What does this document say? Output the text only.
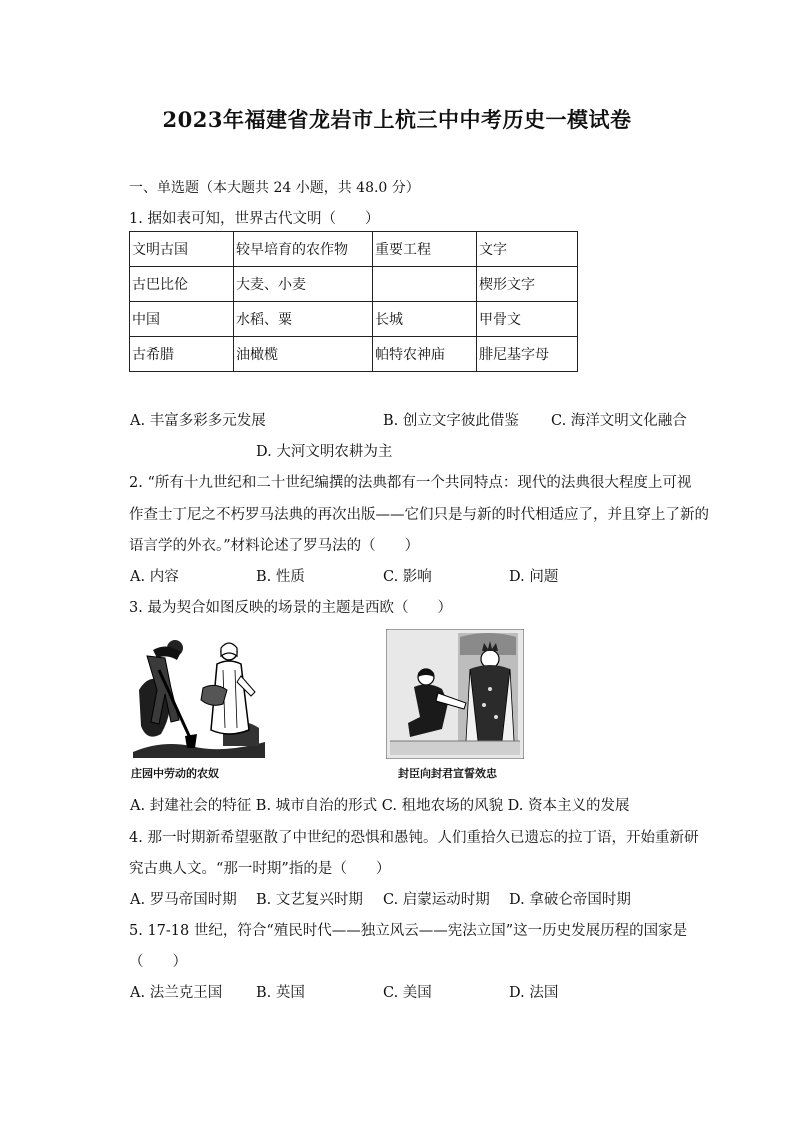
2023年福建省龙岩市上杭三中中考历史一模试卷
一、单选题（本大题共 24 小题，共 48.0 分）
1. 据如表可知，世界古代文明（　　）
文明古国	较早培育的农作物	重要工程	文字
古巴比伦	大麦、小麦		楔形文字
中国	水稻、粟	长城	甲骨文
古希腊	油橄榄	帕特农神庙	腓尼基字母
A. 丰富多彩多元发展	B. 创立文字彼此借鉴 C. 海洋文明文化融合
D. 大河文明农耕为主
2. “所有十九世纪和二十世纪编撰的法典都有一个共同特点：现代的法典很大程度上可视
作查士丁尼之不朽罗马法典的再次出版——它们只是与新的时代相适应了，并且穿上了新的
语言学的外衣。”材料论述了罗马法的（　　）
A. 内容	B. 性质	C. 影响	D. 问题
3. 最为契合如图反映的场景的主题是西欧（　　）
庄园中劳动的农奴	封臣向封君宣誓效忠
A. 封建社会的特征 B. 城市自治的形式 C. 租地农场的风貌 D. 资本主义的发展
4. 那一时期新希望驱散了中世纪的恐惧和愚钝。人们重拾久已遗忘的拉丁语，开始重新研
究古典人文。“那一时期”指的是（　　）
A. 罗马帝国时期 B. 文艺复兴时期 C. 启蒙运动时期 D. 拿破仑帝国时期
5. 17-18 世纪，符合“殖民时代——独立风云——宪法立国”这一历史发展历程的国家是
（　　）
A. 法兰克王国 B. 英国	C. 美国	D. 法国
